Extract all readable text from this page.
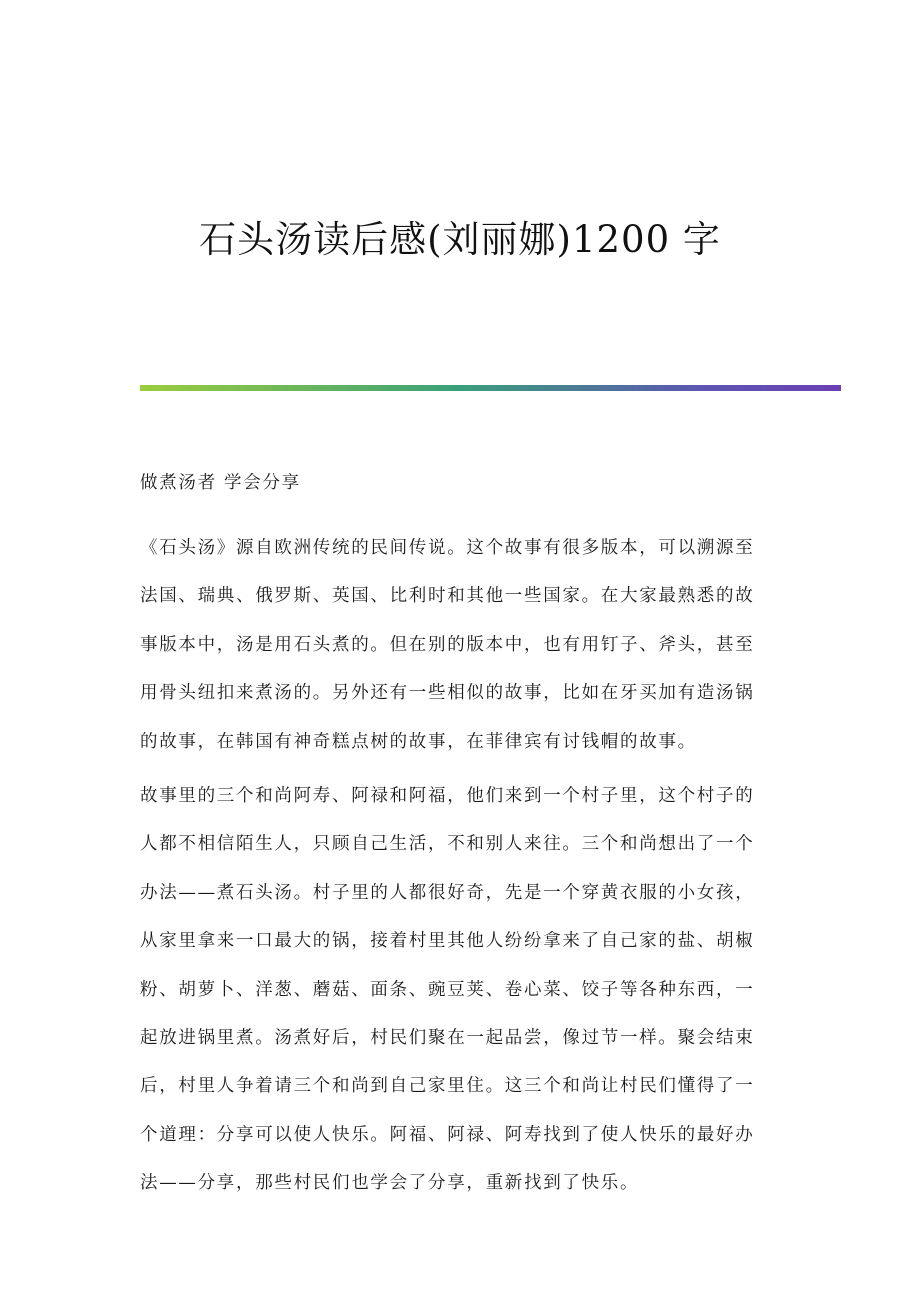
石头汤读后感(刘丽娜)1200 字

做煮汤者 学会分享

《石头汤》源自欧洲传统的民间传说。这个故事有很多版本，可以溯源至法国、瑞典、俄罗斯、英国、比利时和其他一些国家。在大家最熟悉的故事版本中，汤是用石头煮的。但在别的版本中，也有用钉子、斧头，甚至用骨头纽扣来煮汤的。另外还有一些相似的故事，比如在牙买加有造汤锅的故事，在韩国有神奇糕点树的故事，在菲律宾有讨钱帽的故事。

故事里的三个和尚阿寿、阿禄和阿福，他们来到一个村子里，这个村子的人都不相信陌生人，只顾自己生活，不和别人来往。三个和尚想出了一个办法——煮石头汤。村子里的人都很好奇，先是一个穿黄衣服的小女孩，从家里拿来一口最大的锅，接着村里其他人纷纷拿来了自己家的盐、胡椒粉、胡萝卜、洋葱、蘑菇、面条、豌豆荚、卷心菜、饺子等各种东西，一起放进锅里煮。汤煮好后，村民们聚在一起品尝，像过节一样。聚会结束后，村里人争着请三个和尚到自己家里住。这三个和尚让村民们懂得了一个道理：分享可以使人快乐。阿福、阿禄、阿寿找到了使人快乐的最好办法——分享，那些村民们也学会了分享，重新找到了快乐。
